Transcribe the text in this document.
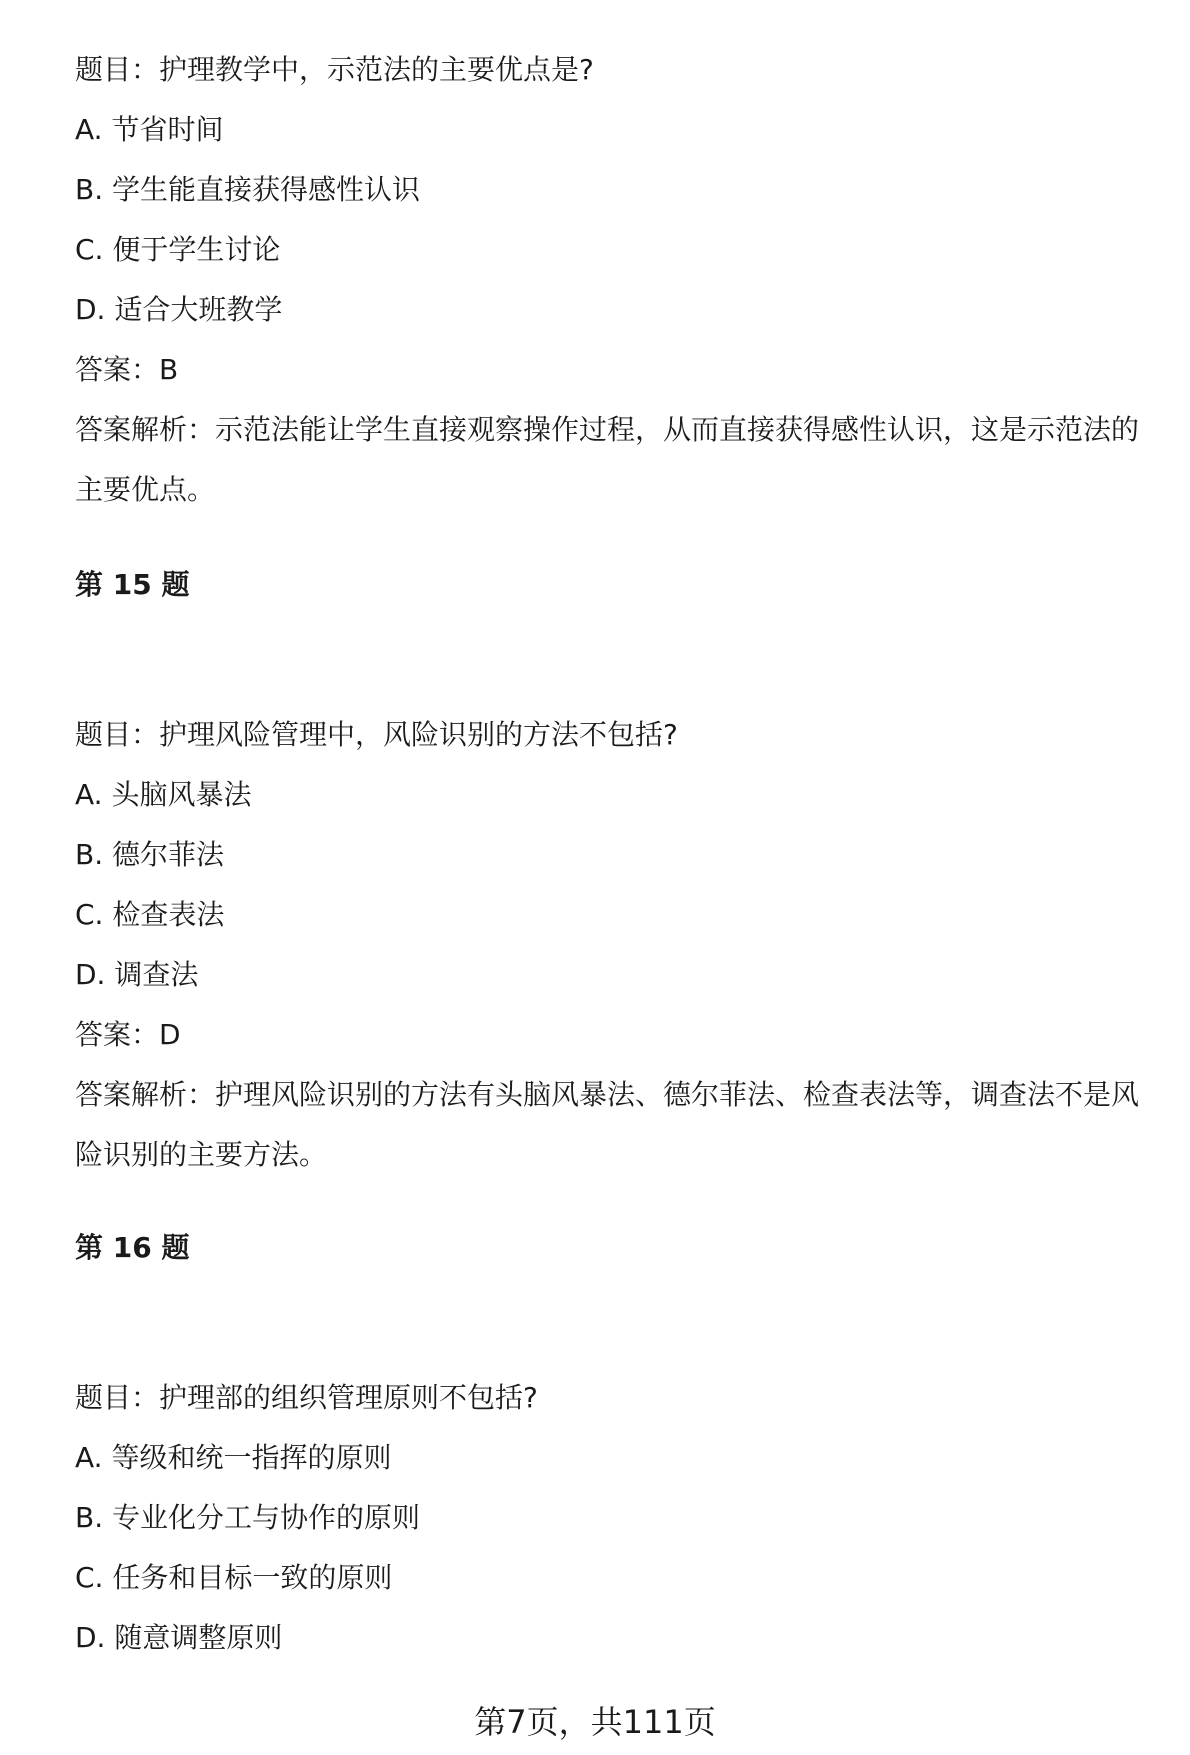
题目：护理教学中，示范法的主要优点是?
A. 节省时间
B. 学生能直接获得感性认识
C. 便于学生讨论
D. 适合大班教学
答案：B
答案解析：示范法能让学生直接观察操作过程，从而直接获得感性认识，这是示范法的主要优点。
第 15 题
题目：护理风险管理中，风险识别的方法不包括?
A. 头脑风暴法
B. 德尔菲法
C. 检查表法
D. 调查法
答案：D
答案解析：护理风险识别的方法有头脑风暴法、德尔菲法、检查表法等，调查法不是风险识别的主要方法。
第 16 题
题目：护理部的组织管理原则不包括?
A. 等级和统一指挥的原则
B. 专业化分工与协作的原则
C. 任务和目标一致的原则
D. 随意调整原则
第7页，共111页
